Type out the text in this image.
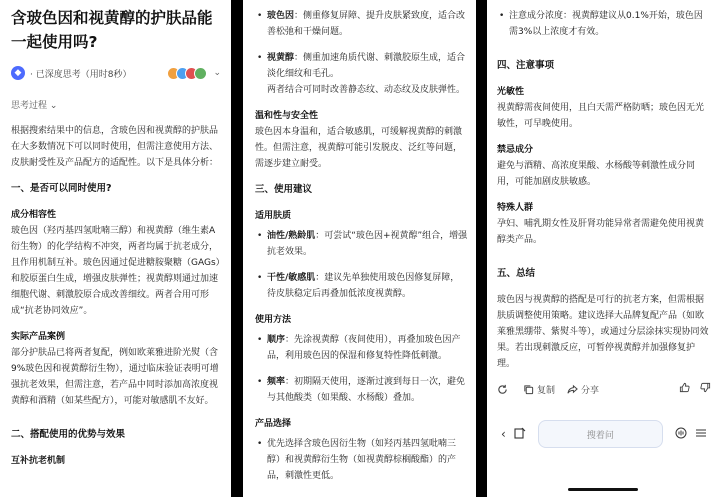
含玻色因和视黄醇的护肤品能一起使用吗?
◆ · 已深度思考（用时8秒）	⌄
思考过程 ⌄

根据搜索结果中的信息，含玻色因和视黄醇的护肤品在大多数情况下可以同时使用，但需注意使用方法、皮肤耐受性及产品配方的适配性。以下是具体分析：

一、是否可以同时使用?
成分相容性

玻色因（羟丙基四氢吡喃三醇）和视黄醇（维生素A衍生物）的化学结构不冲突，两者均属于抗老成分，且作用机制互补。玻色因通过促进糖胺聚糖（GAGs）和胶原蛋白生成，增强皮肤弹性；视黄醇则通过加速细胞代谢、刺激胶原合成改善细纹。两者合用可形成“抗老协同效应”。

实际产品案例

部分护肤品已将两者复配，例如欧莱雅进阶光熨（含9%玻色因和视黄醇衍生物），通过临床验证表明可增强抗老效果，但需注意，若产品中同时添加高浓度视黄醇和酒精（如某些配方），可能对敏感肌不友好。

二、搭配使用的优势与效果
互补抗老机制
• 玻色因：侧重修复屏障、提升皮肤紧致度，适合改善松弛和干燥问题。
• 视黄醇：侧重加速角质代谢、刺激胶原生成，适合淡化细纹和毛孔。

两者结合可同时改善静态纹、动态纹及皮肤弹性。

温和性与安全性

玻色因本身温和，适合敏感肌，可缓解视黄醇的刺激性。但需注意，视黄醇可能引发脱皮、泛红等问题，需逐步建立耐受。

三、使用建议
适用肤质
• 油性/熟龄肌：可尝试“玻色因+视黄醇”组合，增强抗老效果。
• 干性/敏感肌：建议先单独使用玻色因修复屏障，待皮肤稳定后再叠加低浓度视黄醇。
使用方法
• 顺序：先涂视黄醇（夜间使用），再叠加玻色因产品，利用玻色因的保湿和修复特性降低刺激。
• 频率：初期隔天使用，逐渐过渡到每日一次，避免与其他酸类（如果酸、水杨酸）叠加。
产品选择
• 优先选择含玻色因衍生物（如羟丙基四氢吡喃三醇）和视黄醇衍生物（如视黄醇棕榈酸酯）的产品，刺激性更低。
• 注意成分浓度：视黄醇建议从0.1%开始，玻色因需3%以上浓度才有效。
四、注意事项
光敏性

视黄醇需夜间使用，且白天需严格防晒；玻色因无光敏性，可早晚使用。

禁忌成分

避免与酒精、高浓度果酸、水杨酸等刺激性成分同用，可能加剧皮肤敏感。

特殊人群

孕妇、哺乳期女性及肝肾功能异常者需避免使用视黄醇类产品。

五、总结

玻色因与视黄醇的搭配是可行的抗老方案，但需根据肤质调整使用策略。建议选择大品牌复配产品（如欧莱雅黑绷带、紫熨斗等），或通过分层涂抹实现协同效果。若出现刺激反应，可暂停视黄醇并加强修复护理。

复制	分享
‹	搜着问
